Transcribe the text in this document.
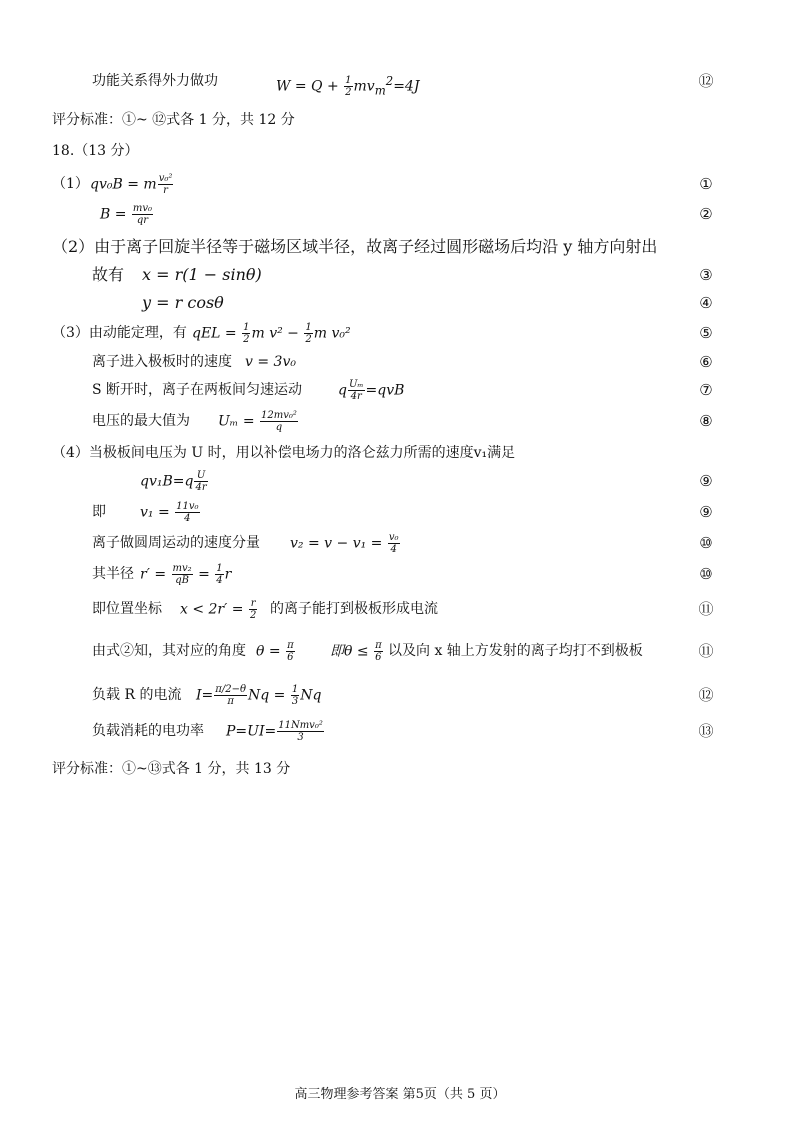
功能关系得外力做功	$W = Q + \frac{1}{2} mv_m^2=4J$	⑫
评分标准：①~ ⑫式各 1 分，共 12 分
18.（13 分）
（1） qv₀B = m $\frac{\text{v₀²}}{r}$	①
$B = \frac{\text{mv₀}}{qr}$	②
（2）由于离子回旋半径等于磁场区域半径，故离子经过圆形磁场后均沿 y 轴方向射出
故有 x = r(1 − sinθ)	③
y = r cosθ	④
（3）由动能定理，有 qEL = $\frac{1}{2}$ m $v^2 - \frac{1}{2}$ m v₀²	⑤
离子进入极板时的速度 v = 3v₀	⑥
S 断开时，离子在两板间匀速运动	q $\frac{\text{Uₘ}}{4r} =qvB$	⑦
电压的最大值为 $U_m = \frac{\text{12mv₀²}}{q}$	⑧
（4）当极板间电压为 U 时，用以补偿电场力的洛仑兹力所需的速度v₁满足
$qv_1B=q \frac{U}{4r}$	⑨
即 $v_1 = \frac{\text{11v₀}}{4}$	⑨
离子做圆周运动的速度分量 $v_2 = v - v_1 = \frac{\text{v₀}}{4}$	⑩
其半径 $r' = \frac{\text{mv₂}}{qB} = \frac{1}{4}$ r	⑩
即位置坐标 $x < 2r' = \frac{r}{2}$ 的离子能打到极板形成电流	⑪
由式②知，其对应的角度 $\theta = \frac{\pi}{6}$	即$\theta \le \frac{\pi}{6}$ 以及向 x 轴上方发射的离子均打不到极板	⑪
负载 R 的电流 $I= \frac{\pi/2-\theta}{\pi}$ $Nq = \frac{1}{3}$ Nq	⑫
负载消耗的电功率 $P=UI= \frac{\text{11Nmv₀²}}{3}$	⑬
评分标准：①~⑬式各 1 分，共 13 分
高三物理参考答案 第5页（共 5 页）
